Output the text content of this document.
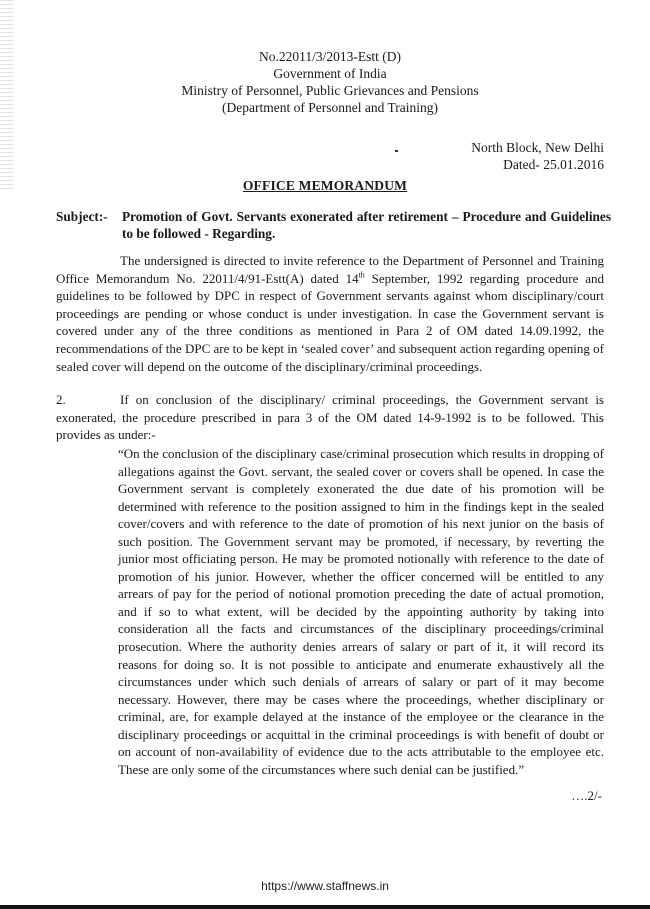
No.22011/3/2013-Estt (D)
Government of India
Ministry of Personnel, Public Grievances and Pensions
(Department of Personnel and Training)
North Block, New Delhi
Dated- 25.01.2016
OFFICE MEMORANDUM
Subject:- Promotion of Govt. Servants exonerated after retirement – Procedure and Guidelines to be followed - Regarding.

The undersigned is directed to invite reference to the Department of Personnel and Training Office Memorandum No. 22011/4/91-Estt(A) dated 14th September, 1992 regarding procedure and guidelines to be followed by DPC in respect of Government servants against whom disciplinary/court proceedings are pending or whose conduct is under investigation. In case the Government servant is covered under any of the three conditions as mentioned in Para 2 of OM dated 14.09.1992, the recommendations of the DPC are to be kept in ‘sealed cover’ and subsequent action regarding opening of sealed cover will depend on the outcome of the disciplinary/criminal proceedings.

2.	If on conclusion of the disciplinary/ criminal proceedings, the Government servant is exonerated, the procedure prescribed in para 3 of the OM dated 14-9-1992 is to be followed. This provides as under:-

“On the conclusion of the disciplinary case/criminal prosecution which results in dropping of allegations against the Govt. servant, the sealed cover or covers shall be opened. In case the Government servant is completely exonerated the due date of his promotion will be determined with reference to the position assigned to him in the findings kept in the sealed cover/covers and with reference to the date of promotion of his next junior on the basis of such position. The Government servant may be promoted, if necessary, by reverting the junior most officiating person. He may be promoted notionally with reference to the date of promotion of his junior. However, whether the officer concerned will be entitled to any arrears of pay for the period of notional promotion preceding the date of actual promotion, and if so to what extent, will be decided by the appointing authority by taking into consideration all the facts and circumstances of the disciplinary proceedings/criminal prosecution. Where the authority denies arrears of salary or part of it, it will record its reasons for doing so. It is not possible to anticipate and enumerate exhaustively all the circumstances under which such denials of arrears of salary or part of it may become necessary. However, there may be cases where the proceedings, whether disciplinary or criminal, are, for example delayed at the instance of the employee or the clearance in the disciplinary proceedings or acquittal in the criminal proceedings is with benefit of doubt or on account of non-availability of evidence due to the acts attributable to the employee etc. These are only some of the circumstances where such denial can be justified.”

….2/-
https://www.staffnews.in
